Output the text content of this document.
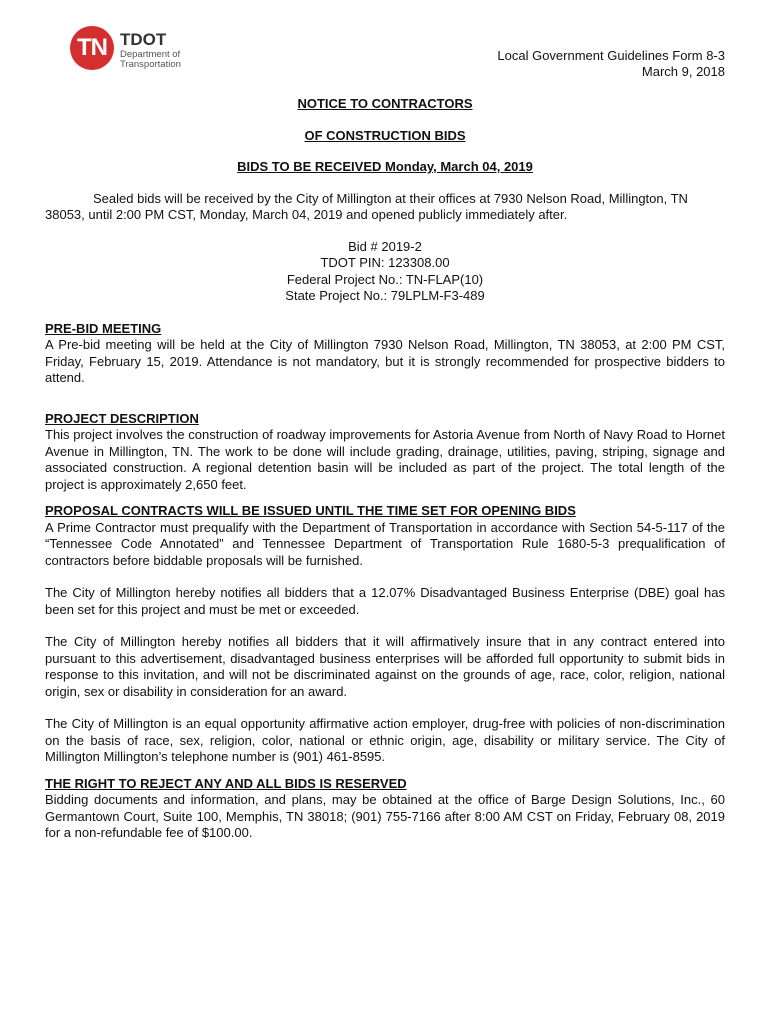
TN TDOT
Department of
Transportation
Local Government Guidelines Form 8-3
March 9, 2018
NOTICE TO CONTRACTORS
OF CONSTRUCTION BIDS
BIDS TO BE RECEIVED Monday, March 04, 2019

Sealed bids will be received by the City of Millington at their offices at 7930 Nelson Road, Millington, TN 38053, until 2:00 PM CST, Monday, March 04, 2019 and opened publicly immediately after.

Bid # 2019-2
TDOT PIN: 123308.00
Federal Project No.: TN-FLAP(10)
State Project No.: 79LPLM-F3-489
PRE-BID MEETING

A Pre-bid meeting will be held at the City of Millington 7930 Nelson Road, Millington, TN 38053, at 2:00 PM CST, Friday, February 15, 2019. Attendance is not mandatory, but it is strongly recommended for prospective bidders to attend.

PROJECT DESCRIPTION

This project involves the construction of roadway improvements for Astoria Avenue from North of Navy Road to Hornet Avenue in Millington, TN. The work to be done will include grading, drainage, utilities, paving, striping, signage and associated construction. A regional detention basin will be included as part of the project. The total length of the project is approximately 2,650 feet.

PROPOSAL CONTRACTS WILL BE ISSUED UNTIL THE TIME SET FOR OPENING BIDS

A Prime Contractor must prequalify with the Department of Transportation in accordance with Section 54-5-117 of the “Tennessee Code Annotated” and Tennessee Department of Transportation Rule 1680-5-3 prequalification of contractors before biddable proposals will be furnished.

The City of Millington hereby notifies all bidders that a 12.07% Disadvantaged Business Enterprise (DBE) goal has been set for this project and must be met or exceeded.

The City of Millington hereby notifies all bidders that it will affirmatively insure that in any contract entered into pursuant to this advertisement, disadvantaged business enterprises will be afforded full opportunity to submit bids in response to this invitation, and will not be discriminated against on the grounds of age, race, color, religion, national origin, sex or disability in consideration for an award.

The City of Millington is an equal opportunity affirmative action employer, drug-free with policies of non-discrimination on the basis of race, sex, religion, color, national or ethnic origin, age, disability or military service. The City of Millington Millington’s telephone number is (901) 461-8595.

THE RIGHT TO REJECT ANY AND ALL BIDS IS RESERVED

Bidding documents and information, and plans, may be obtained at the office of Barge Design Solutions, Inc., 60 Germantown Court, Suite 100, Memphis, TN 38018; (901) 755-7166 after 8:00 AM CST on Friday, February 08, 2019 for a non-refundable fee of $100.00.
